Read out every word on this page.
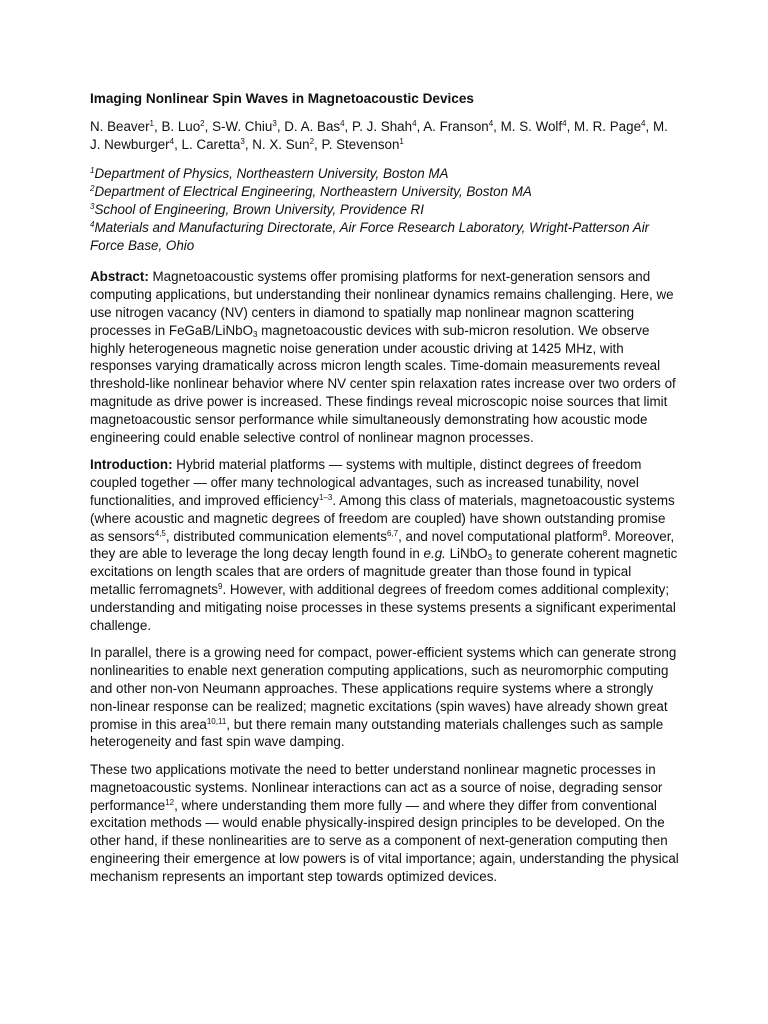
Imaging Nonlinear Spin Waves in Magnetoacoustic Devices
N. Beaver$^1$, B. Luo$^2$, S-W. Chiu$^3$, D. A. Bas$^4$, P. J. Shah$^4$, A. Franson$^4$, M. S. Wolf$^4$, M. R. Page$^4$, M. J. Newburger$^4$, L. Caretta$^3$, N. X. Sun$^2$, P. Stevenson$^1$
$^1$Department of Physics, Northeastern University, Boston MA
$^2$Department of Electrical Engineering, Northeastern University, Boston MA
$^3$School of Engineering, Brown University, Providence RI
$^4$Materials and Manufacturing Directorate, Air Force Research Laboratory, Wright-Patterson Air Force Base, Ohio

Abstract: Magnetoacoustic systems offer promising platforms for next-generation sensors and computing applications, but understanding their nonlinear dynamics remains challenging. Here, we use nitrogen vacancy (NV) centers in diamond to spatially map nonlinear magnon scattering processes in FeGaB/LiNbO$_3$ magnetoacoustic devices with sub-micron resolution. We observe highly heterogeneous magnetic noise generation under acoustic driving at 1425 MHz, with responses varying dramatically across micron length scales. Time-domain measurements reveal threshold-like nonlinear behavior where NV center spin relaxation rates increase over two orders of magnitude as drive power is increased. These findings reveal microscopic noise sources that limit magnetoacoustic sensor performance while simultaneously demonstrating how acoustic mode engineering could enable selective control of nonlinear magnon processes.

Introduction: Hybrid material platforms — systems with multiple, distinct degrees of freedom coupled together — offer many technological advantages, such as increased tunability, novel functionalities, and improved efficiency$^{1-3}$. Among this class of materials, magnetoacoustic systems (where acoustic and magnetic degrees of freedom are coupled) have shown outstanding promise as sensors$^{4,5}$, distributed communication elements$^{6,7}$, and novel computational platform$^8$. Moreover, they are able to leverage the long decay length found in e.g. LiNbO$_3$ to generate coherent magnetic excitations on length scales that are orders of magnitude greater than those found in typical metallic ferromagnets$^9$. However, with additional degrees of freedom comes additional complexity; understanding and mitigating noise processes in these systems presents a significant experimental challenge.

In parallel, there is a growing need for compact, power-efficient systems which can generate strong nonlinearities to enable next generation computing applications, such as neuromorphic computing and other non-von Neumann approaches. These applications require systems where a strongly non-linear response can be realized; magnetic excitations (spin waves) have already shown great promise in this area$^{10,11}$, but there remain many outstanding materials challenges such as sample heterogeneity and fast spin wave damping.

These two applications motivate the need to better understand nonlinear magnetic processes in magnetoacoustic systems. Nonlinear interactions can act as a source of noise, degrading sensor performance$^{12}$, where understanding them more fully — and where they differ from conventional excitation methods — would enable physically-inspired design principles to be developed. On the other hand, if these nonlinearities are to serve as a component of next-generation computing then engineering their emergence at low powers is of vital importance; again, understanding the physical mechanism represents an important step towards optimized devices.
